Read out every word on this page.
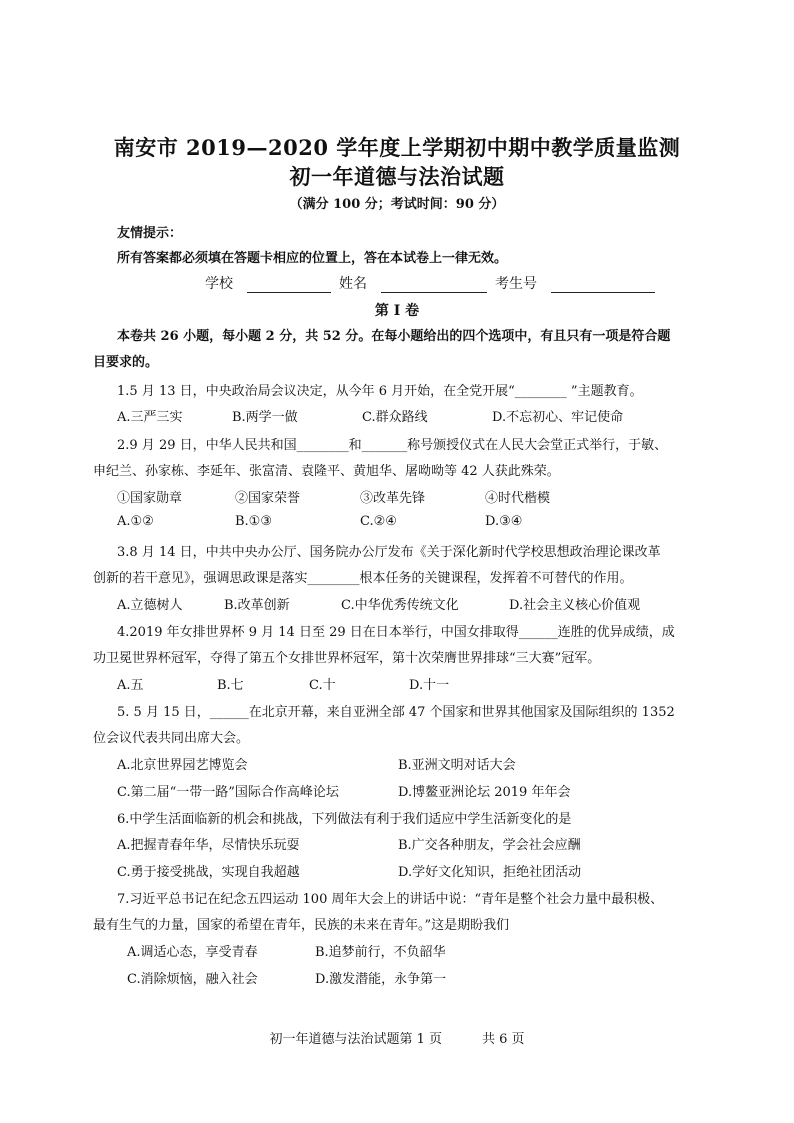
南安市 2019—2020 学年度上学期初中期中教学质量监测
初一年道德与法治试题
（满分 100 分；考试时间：90 分）
友情提示：
所有答案都必须填在答题卡相应的位置上，答在本试卷上一律无效。
学校	姓名	考生号
第 I 卷
本卷共 26 小题，每小题 2 分，共 52 分。在每小题给出的四个选项中，有且只有一项是符合题
目要求的。
1.5 月 13 日，中央政治局会议决定，从今年 6 月开始，在全党开展“________ ”主题教育。
A.三严三实	B.两学一做	C.群众路线	D.不忘初心、牢记使命
2.9 月 29 日，中华人民共和国________和_______称号颁授仪式在人民大会堂正式举行，于敏、
申纪兰、孙家栋、李延年、张富清、袁隆平、黄旭华、屠呦呦等 42 人获此殊荣。
①国家勋章	②国家荣誉	③改革先锋	④时代楷模
A.①②	B.①③	C.②④	D.③④
3.8 月 14 日，中共中央办公厅、国务院办公厅发布《关于深化新时代学校思想政治理论课改革
创新的若干意见》，强调思政课是落实________根本任务的关键课程，发挥着不可替代的作用。
A.立德树人	B.改革创新	C.中华优秀传统文化	D.社会主义核心价值观
4.2019 年女排世界杯 9 月 14 日至 29 日在日本举行，中国女排取得______连胜的优异成绩，成
功卫冕世界杯冠军，夺得了第五个女排世界杯冠军，第十次荣膺世界排球“三大赛”冠军。
A.五	B.七	C.十	D.十一
5. 5 月 15 日，______在北京开幕，来自亚洲全部 47 个国家和世界其他国家及国际组织的 1352
位会议代表共同出席大会。
A.北京世界园艺博览会	B.亚洲文明对话大会
C.第二届“一带一路”国际合作高峰论坛	D.博鳌亚洲论坛 2019 年年会
6.中学生活面临新的机会和挑战，下列做法有利于我们适应中学生活新变化的是
A.把握青春年华，尽情快乐玩耍	B.广交各种朋友，学会社会应酬
C.勇于接受挑战，实现自我超越	D.学好文化知识，拒绝社团活动
7.习近平总书记在纪念五四运动 100 周年大会上的讲话中说：“青年是整个社会力量中最积极、
最有生气的力量，国家的希望在青年，民族的未来在青年。”这是期盼我们
A.调适心态，享受青春	B.追梦前行，不负韶华
C.消除烦恼，融入社会	D.激发潜能，永争第一
初一年道德与法治试题第 1 页	共 6 页
